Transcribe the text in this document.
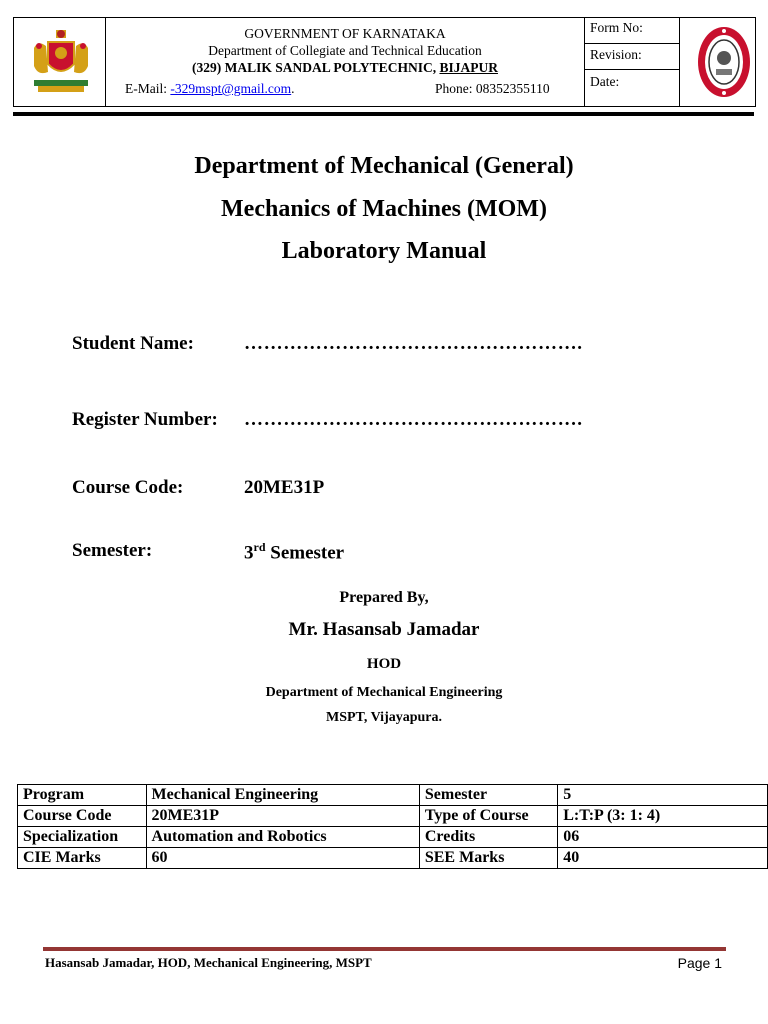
GOVERNMENT OF KARNATAKA
Department of Collegiate and Technical Education
(329) MALIK SANDAL POLYTECHNIC, BIJAPUR
E-Mail: -329mspt@gmail.com.	Phone: 08352355110
Form No:
Revision:
Date:
Department of Mechanical (General)
Mechanics of Machines (MOM)
Laboratory Manual
Student Name:	…………………………………………….
Register Number: …………………………………………….
Course Code:	20ME31P
Semester:	3rd Semester
Prepared By,
Mr. Hasansab Jamadar
HOD
Department of Mechanical Engineering
MSPT, Vijayapura.
Program	Mechanical Engineering	Semester	5
Course Code	20ME31P	Type of Course	L:T:P (3: 1: 4)
Specialization	Automation and Robotics	Credits	06
CIE Marks	60	SEE Marks	40
Hasansab Jamadar, HOD, Mechanical Engineering, MSPT	Page 1
